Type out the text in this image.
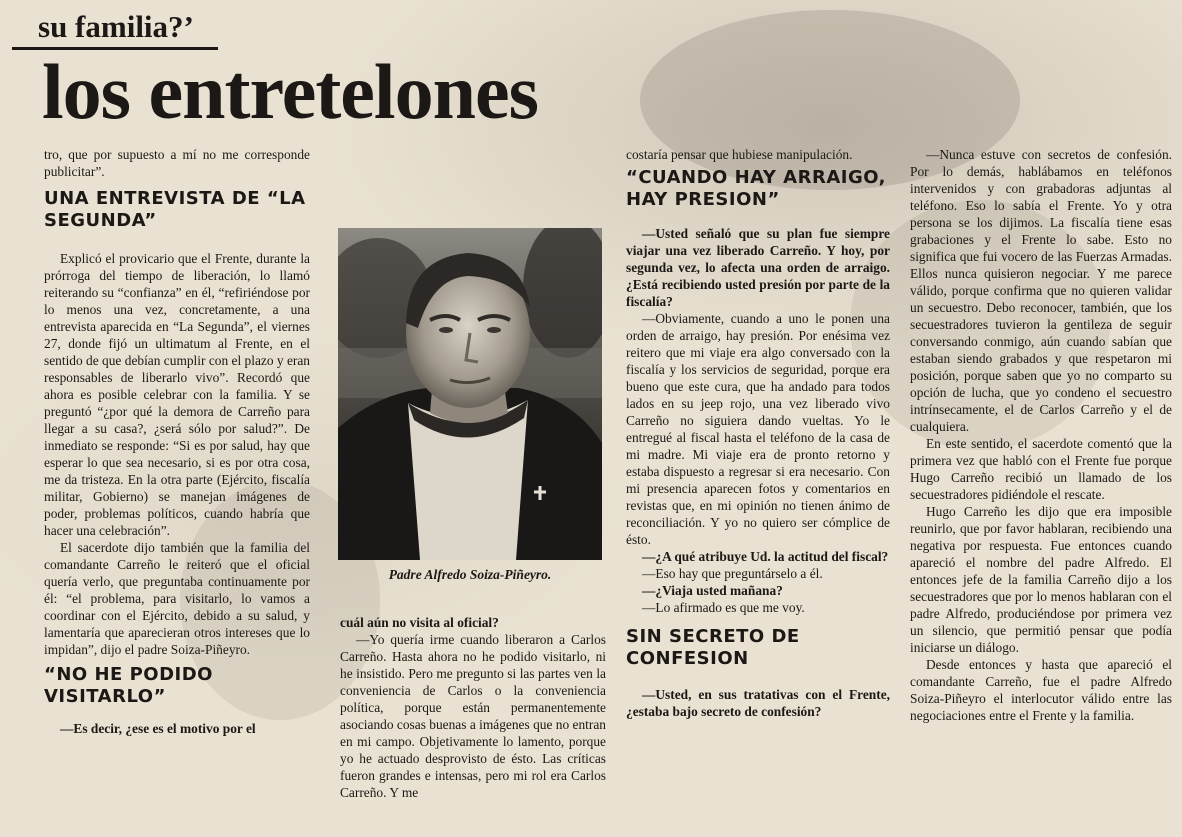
su familia?’
los entretelones

tro, que por supuesto a mí no me corresponde publicitar”.

UNA ENTREVISTA DE “LA SEGUNDA”

Explicó el provicario que el Frente, durante la prórroga del tiempo de liberación, lo llamó reiterando su “confianza” en él, “refiriéndose por lo menos una vez, concretamente, a una entrevista aparecida en “La Segunda”, el viernes 27, donde fijó un ultimatum al Frente, en el sentido de que debían cumplir con el plazo y eran responsables de liberarlo vivo”. Recordó que ahora es posible celebrar con la familia. Y se preguntó “¿por qué la demora de Carreño para llegar a su casa?, ¿será sólo por salud?”. De inmediato se responde: “Si es por salud, hay que esperar lo que sea necesario, si es por otra cosa, me da tristeza. En la otra parte (Ejército, fiscalía militar, Gobierno) se manejan imágenes de poder, problemas políticos, cuando habría que hacer una celebración”.

El sacerdote dijo también que la familia del comandante Carreño le reiteró que el oficial quería verlo, que preguntaba continuamente por él: “el problema, para visitarlo, lo vamos a coordinar con el Ejército, debido a su salud, y lamentaría que aparecieran otros intereses que lo impidan”, dijo el padre Soiza-Piñeyro.

“NO HE PODIDO VISITARLO”

—Es decir, ¿ese es el motivo por el

Padre Alfredo Soiza-Piñeyro.

cuál aún no visita al oficial?

—Yo quería irme cuando liberaron a Carlos Carreño. Hasta ahora no he podido visitarlo, ni he insistido. Pero me pregunto si las partes ven la conveniencia de Carlos o la conveniencia política, porque están permanentemente asociando cosas buenas a imágenes que no entran en mi campo. Objetivamente lo lamento, porque yo he actuado desprovisto de ésto. Las críticas fueron grandes e intensas, pero mi rol era Carlos Carreño. Y me

costaría pensar que hubiese manipulación.

“CUANDO HAY ARRAIGO, HAY PRESION”

—Usted señaló que su plan fue siempre viajar una vez liberado Carreño. Y hoy, por segunda vez, lo afecta una orden de arraigo. ¿Está recibiendo usted presión por parte de la fiscalía?

—Obviamente, cuando a uno le ponen una orden de arraigo, hay presión. Por enésima vez reitero que mi viaje era algo conversado con la fiscalía y los servicios de seguridad, porque era bueno que este cura, que ha andado para todos lados en su jeep rojo, una vez liberado vivo Carreño no siguiera dando vueltas. Yo le entregué al fiscal hasta el teléfono de la casa de mi madre. Mi viaje era de pronto retorno y estaba dispuesto a regresar si era necesario. Con mi presencia aparecen fotos y comentarios en revistas que, en mi opinión no tienen ánimo de reconciliación. Y yo no quiero ser cómplice de ésto.

—¿A qué atribuye Ud. la actitud del fiscal?

—Eso hay que preguntárselo a él.

—¿Viaja usted mañana?

—Lo afirmado es que me voy.

SIN SECRETO DE CONFESION

—Usted, en sus tratativas con el Frente, ¿estaba bajo secreto de confesión?

—Nunca estuve con secretos de confesión. Por lo demás, hablábamos en teléfonos intervenidos y con grabadoras adjuntas al teléfono. Eso lo sabía el Frente. Yo y otra persona se los dijimos. La fiscalía tiene esas grabaciones y el Frente lo sabe. Esto no significa que fui vocero de las Fuerzas Armadas. Ellos nunca quisieron negociar. Y me parece válido, porque confirma que no quieren validar un secuestro. Debo reconocer, también, que los secuestradores tuvieron la gentileza de seguir conversando conmigo, aún cuando sabían que estaban siendo grabados y que respetaron mi posición, porque saben que yo no comparto su opción de lucha, que yo condeno el secuestro intrínsecamente, el de Carlos Carreño y el de cualquiera.

En este sentido, el sacerdote comentó que la primera vez que habló con el Frente fue porque Hugo Carreño recibió un llamado de los secuestradores pidiéndole el rescate.

Hugo Carreño les dijo que era imposible reunirlo, que por favor hablaran, recibiendo una negativa por respuesta. Fue entonces cuando apareció el nombre del padre Alfredo. El entonces jefe de la familia Carreño dijo a los secuestradores que por lo menos hablaran con el padre Alfredo, produciéndose por primera vez un silencio, que permitió pensar que podía iniciarse un diálogo.

Desde entonces y hasta que apareció el comandante Carreño, fue el padre Alfredo Soiza-Piñeyro el interlocutor válido entre las negociaciones entre el Frente y la familia.
